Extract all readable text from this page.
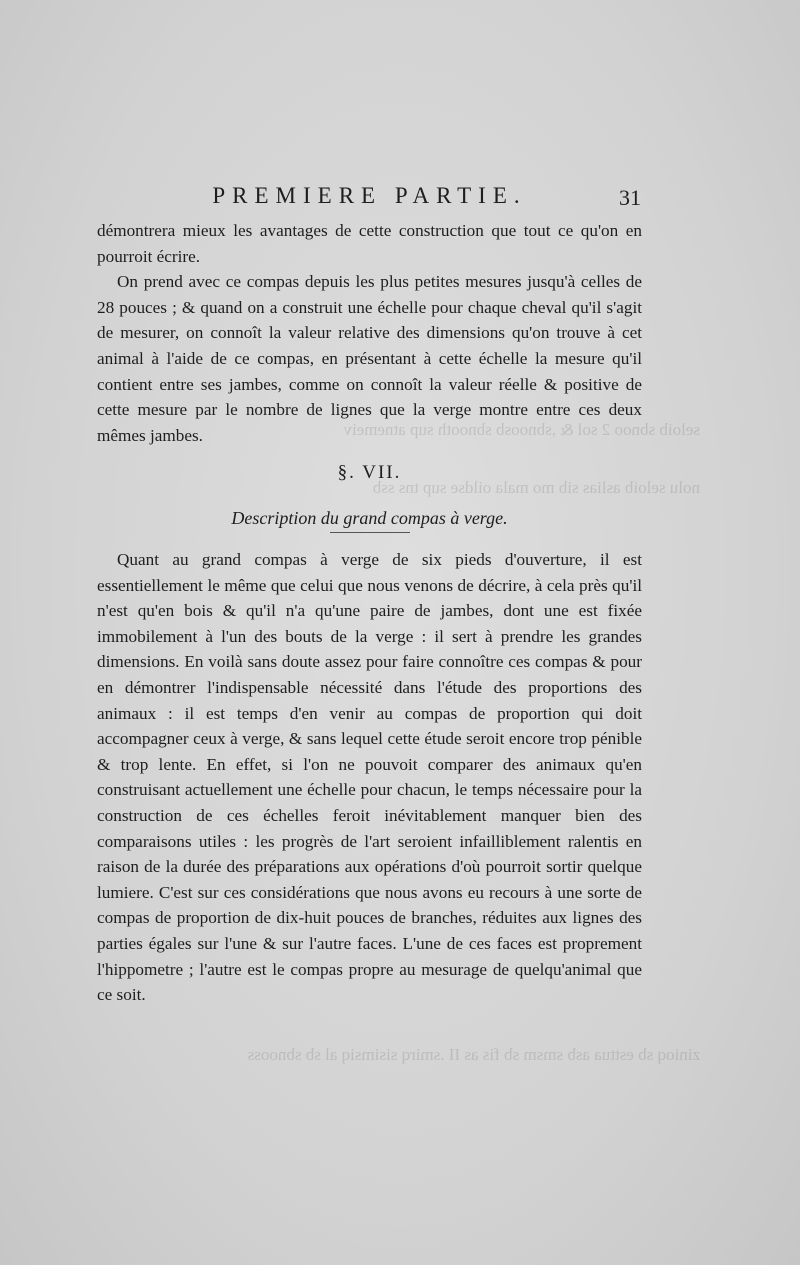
seloib sbnoo 2 sol & ,sbnoosb sbnooth sup atnemeiv
nolu seloib aslias sib mo mala oildse sup tns ssb
zinioq sb esttua asb smsm sb fis as II .smirq sisimsiq al sb sbnooss
PREMIERE PARTIE.	31

démontrera mieux les avantages de cette construction que tout ce qu'on en pourroit écrire.

On prend avec ce compas depuis les plus petites mesures jusqu'à celles de 28 pouces ; & quand on a construit une échelle pour chaque cheval qu'il s'agit de mesurer, on connoît la valeur relative des dimensions qu'on trouve à cet animal à l'aide de ce compas, en présentant à cette échelle la mesure qu'il contient entre ses jambes, comme on connoît la valeur réelle & positive de cette mesure par le nombre de lignes que la verge montre entre ces deux mêmes jambes.

§. VII.
Description du grand compas à verge.

Quant au grand compas à verge de six pieds d'ouverture, il est essentiellement le même que celui que nous venons de décrire, à cela près qu'il n'est qu'en bois & qu'il n'a qu'une paire de jambes, dont une est fixée immobilement à l'un des bouts de la verge : il sert à prendre les grandes dimensions. En voilà sans doute assez pour faire connoître ces compas & pour en démontrer l'indispensable nécessité dans l'étude des proportions des animaux : il est temps d'en venir au compas de proportion qui doit accompagner ceux à verge, & sans lequel cette étude seroit encore trop pénible & trop lente. En effet, si l'on ne pouvoit comparer des animaux qu'en construisant actuellement une échelle pour chacun, le temps nécessaire pour la construction de ces échelles feroit inévitablement manquer bien des comparaisons utiles : les progrès de l'art seroient infailliblement ralentis en raison de la durée des préparations aux opérations d'où pourroit sortir quelque lumiere. C'est sur ces considérations que nous avons eu recours à une sorte de compas de proportion de dix-huit pouces de branches, réduites aux lignes des parties égales sur l'une & sur l'autre faces. L'une de ces faces est proprement l'hippometre ; l'autre est le compas propre au mesurage de quelqu'animal que ce soit.
